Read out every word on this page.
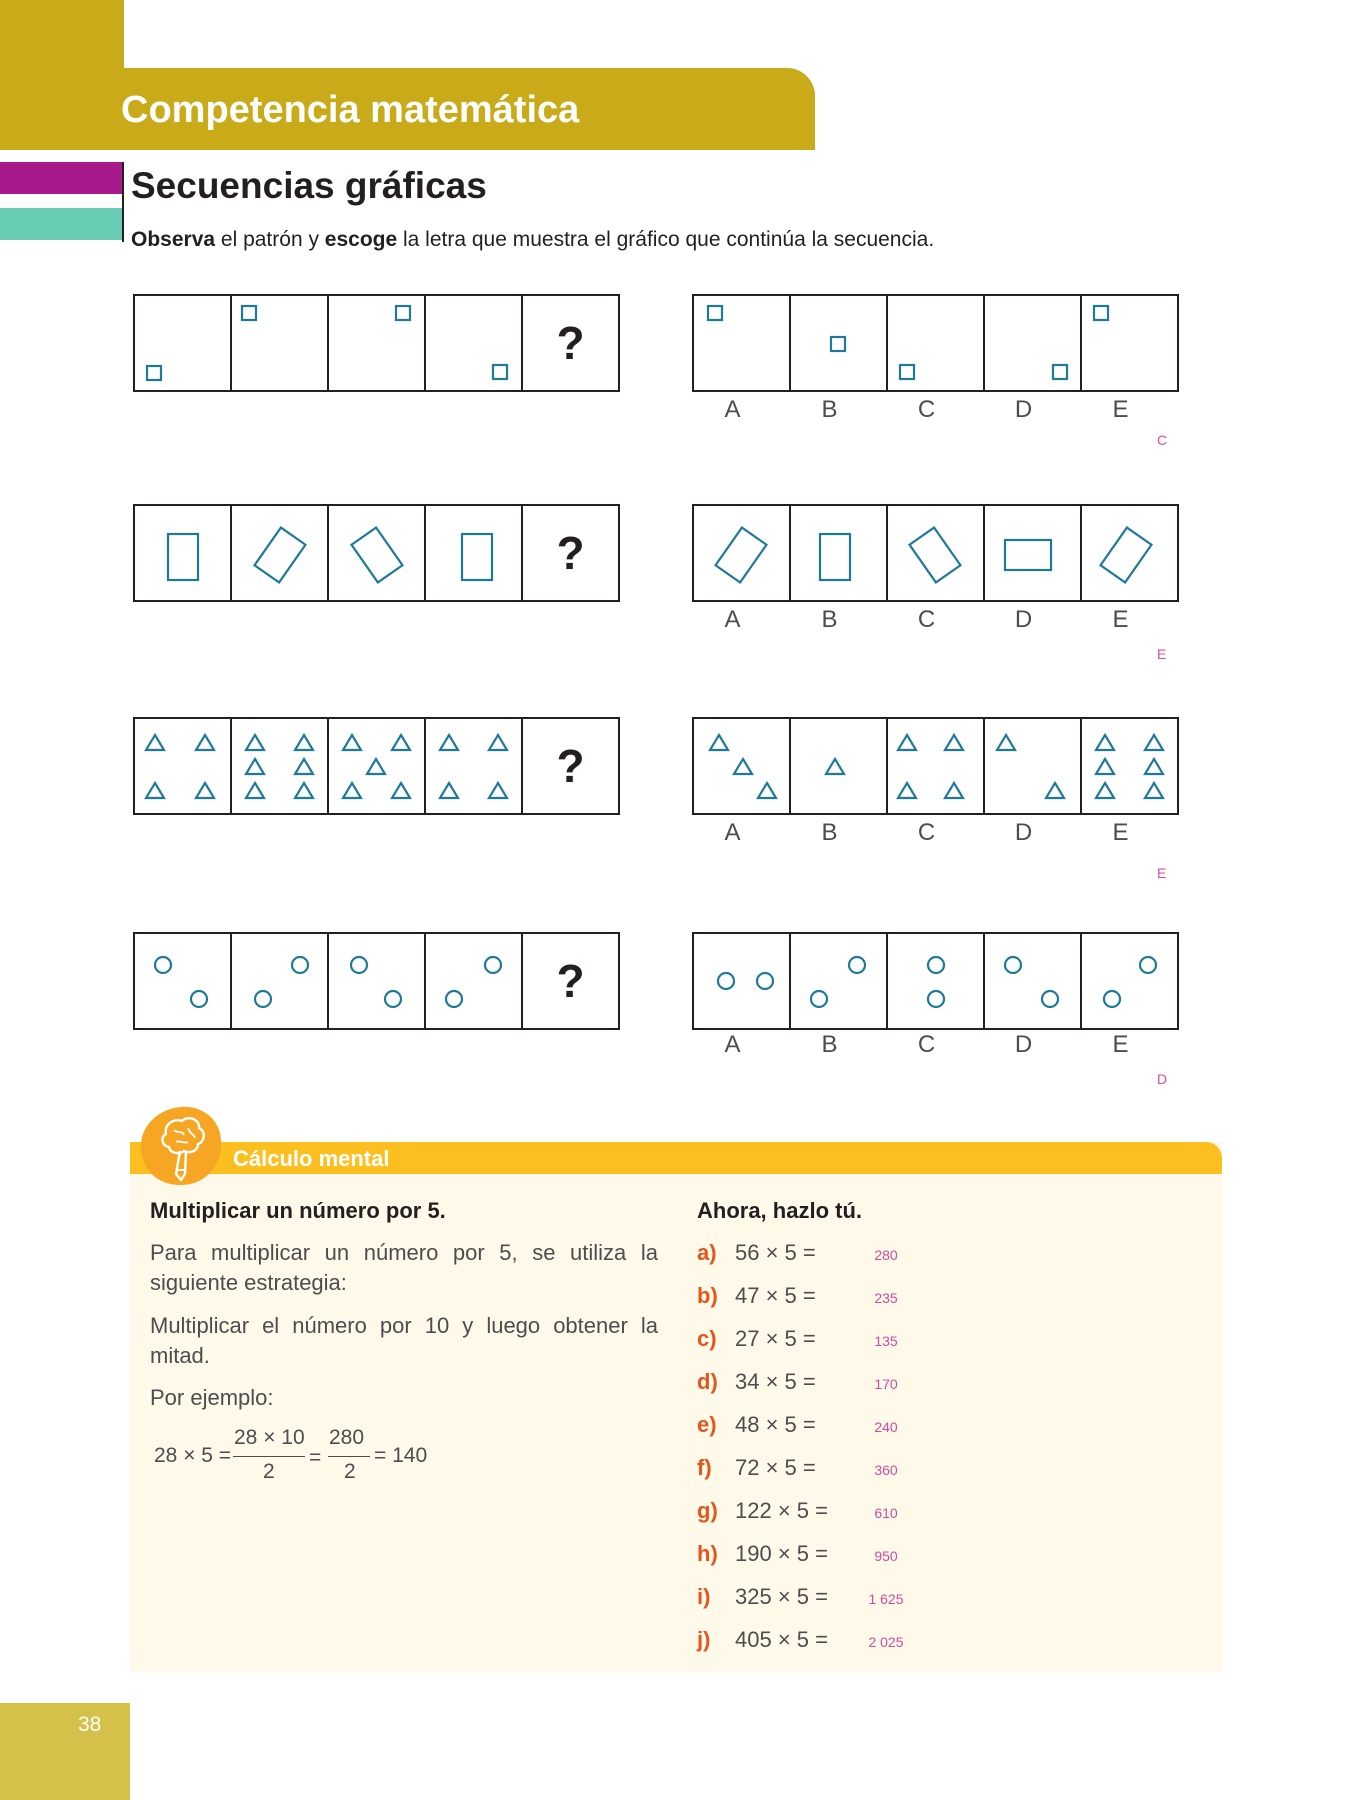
Competencia matemática
Secuencias gráficas
Observa el patrón y escoge la letra que muestra el gráfico que continúa la secuencia.
?
A	B	C	D	E
C
?
A	B	C	D	E
E
?
A	B	C	D	E
E
?
A	B	C	D	E
D
Cálculo mental
Multiplicar un número por 5.
Para multiplicar un número por 5, se utiliza la siguiente estrategia:
Multiplicar el número por 10 y luego obtener la mitad.
Por ejemplo:
28 × 5 =
28 × 10
2
=
280
2
= 140
Ahora, hazlo tú.
a) 56 × 5 =	280
b) 47 × 5 =	235
c) 27 × 5 =	135
d) 34 × 5 =	170
e) 48 × 5 =	240
f) 72 × 5 =	360
g) 122 × 5 =	610
h) 190 × 5 =	950
i) 325 × 5 =	1 625
j) 405 × 5 =	2 025
38
